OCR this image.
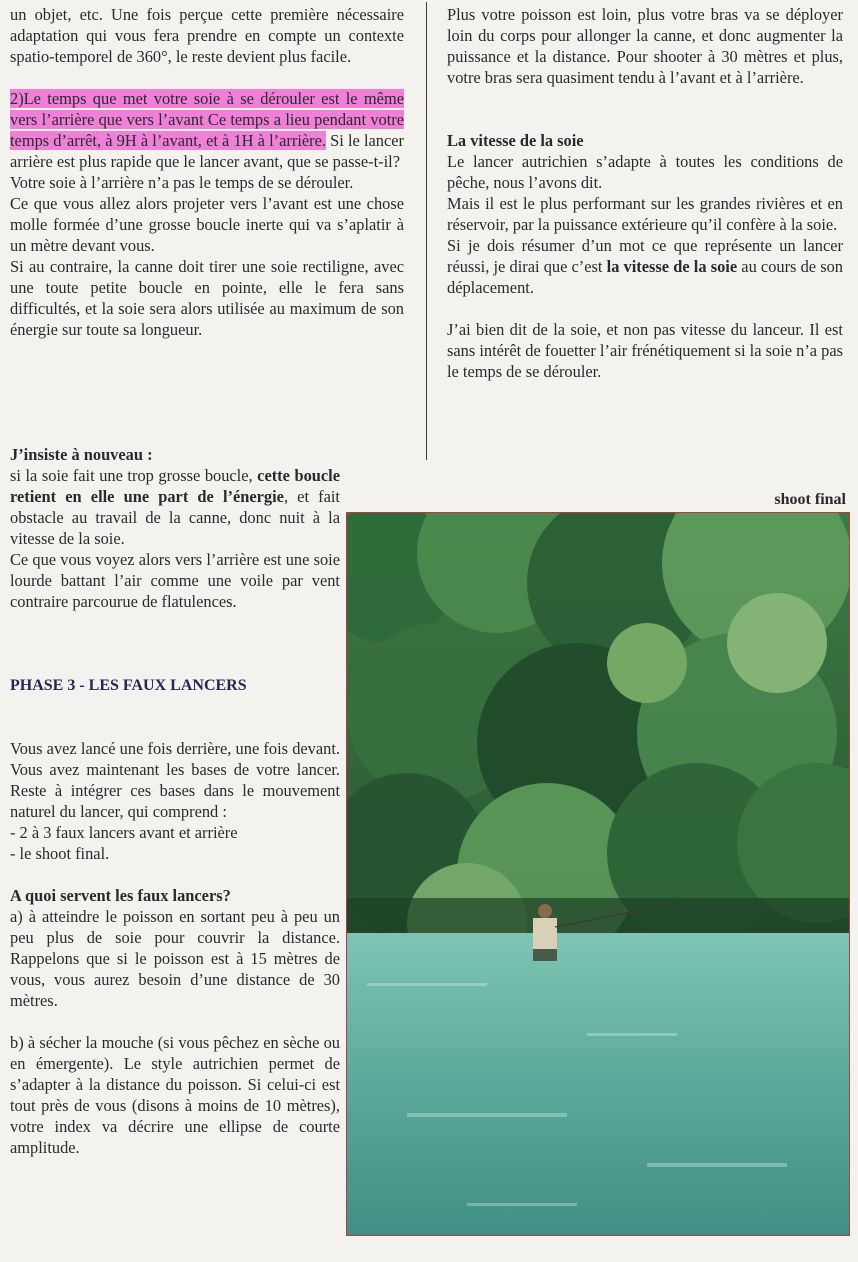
un objet, etc. Une fois perçue cette première nécessaire adaptation qui vous fera prendre en compte un contexte spatio-temporel de 360°, le reste devient plus facile.

2)Le temps que met votre soie à se dérouler est le même vers l’arrière que vers l’avant Ce temps a lieu pendant votre temps d’arrêt, à 9H à l’avant, et à 1H à l’arrière. Si le lancer arrière est plus rapide que le lancer avant, que se passe-t-il?

Votre soie à l’arrière n’a pas le temps de se dérouler.

Ce que vous allez alors projeter vers l’avant est une chose molle formée d’une grosse boucle inerte qui va s’aplatir à un mètre devant vous.

Si au contraire, la canne doit tirer une soie rectiligne, avec une toute petite boucle en pointe, elle le fera sans difficultés, et la soie sera alors utilisée au maximum de son énergie sur toute sa longueur.

J’insiste à nouveau :
si la soie fait une trop grosse boucle, cette boucle retient en elle une part de l’énergie, et fait obstacle au travail de la canne, donc nuit à la vitesse de la soie.

Ce que vous voyez alors vers l’arrière est une soie lourde battant l’air comme une voile par vent contraire parcourue de flatulences.

PHASE 3 - LES FAUX LANCERS

Vous avez lancé une fois derrière, une fois devant. Vous avez maintenant les bases de votre lancer. Reste à intégrer ces bases dans le mouvement naturel du lancer, qui comprend :

- 2 à 3 faux lancers avant et arrière

- le shoot final.

A quoi servent les faux lancers?

a) à atteindre le poisson en sortant peu à peu un peu plus de soie pour couvrir la distance. Rappelons que si le poisson est à 15 mètres de vous, vous aurez besoin d’une distance de 30 mètres.

b) à sécher la mouche (si vous pêchez en sèche ou en émergente). Le style autrichien permet de s’adapter à la distance du poisson. Si celui-ci est tout près de vous (disons à moins de 10 mètres), votre index va décrire une ellipse de courte amplitude.

Plus votre poisson est loin, plus votre bras va se déployer loin du corps pour allonger la canne, et donc augmenter la puissance et la distance. Pour shooter à 30 mètres et plus, votre bras sera quasiment tendu à l’avant et à l’arrière.

La vitesse de la soie

Le lancer autrichien s’adapte à toutes les conditions de pêche, nous l’avons dit.

Mais il est le plus performant sur les grandes rivières et en réservoir, par la puissance extérieure qu’il confère à la soie.

Si je dois résumer d’un mot ce que représente un lancer réussi, je dirai que c’est la vitesse de la soie au cours de son déplacement.

J’ai bien dit de la soie, et non pas vitesse du lanceur. Il est sans intérêt de fouetter l’air frénétiquement si la soie n’a pas le temps de se dérouler.

shoot final
